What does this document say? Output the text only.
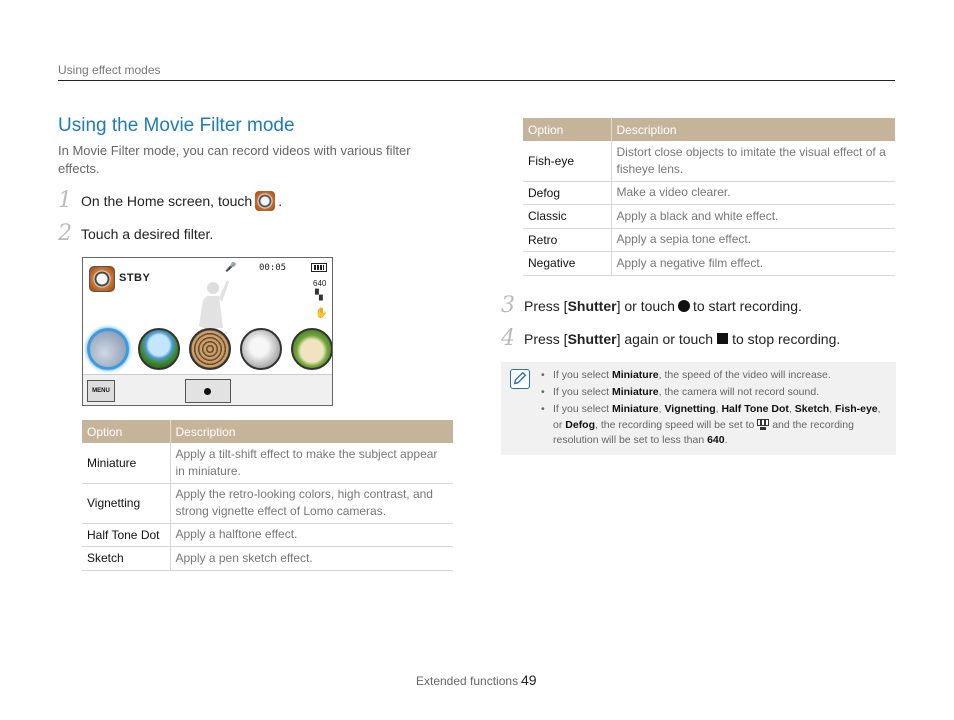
Using effect modes
Using the Movie Filter mode

In Movie Filter mode, you can record videos with various filter effects.

1 On the Home screen, touch .
2 Touch a desired filter.
STBY
🎤	00:05
640
▚
✋
MENU
Option	Description
Miniature	Apply a tilt-shift effect to make the subject appear in miniature.
Vignetting	Apply the retro-looking colors, high contrast, and strong vignette effect of Lomo cameras.
Half Tone Dot	Apply a halftone effect.
Sketch	Apply a pen sketch effect.
Option	Description
Fish-eye	Distort close objects to imitate the visual effect of a fisheye lens.
Defog	Make a video clearer.
Classic	Apply a black and white effect.
Retro	Apply a sepia tone effect.
Negative	Apply a negative film effect.
3 Press [ Shutter ] or touch to start recording.
4 Press [ Shutter ] again or touch to stop recording.
• If you select Miniature, the speed of the video will increase.
• If you select Miniature, the camera will not record sound.
• If you select Miniature, Vignetting, Half Tone Dot, Sketch, Fish-eye, or Defog, the recording speed will be set to and the recording resolution will be set to less than 640.
Extended functions 49
